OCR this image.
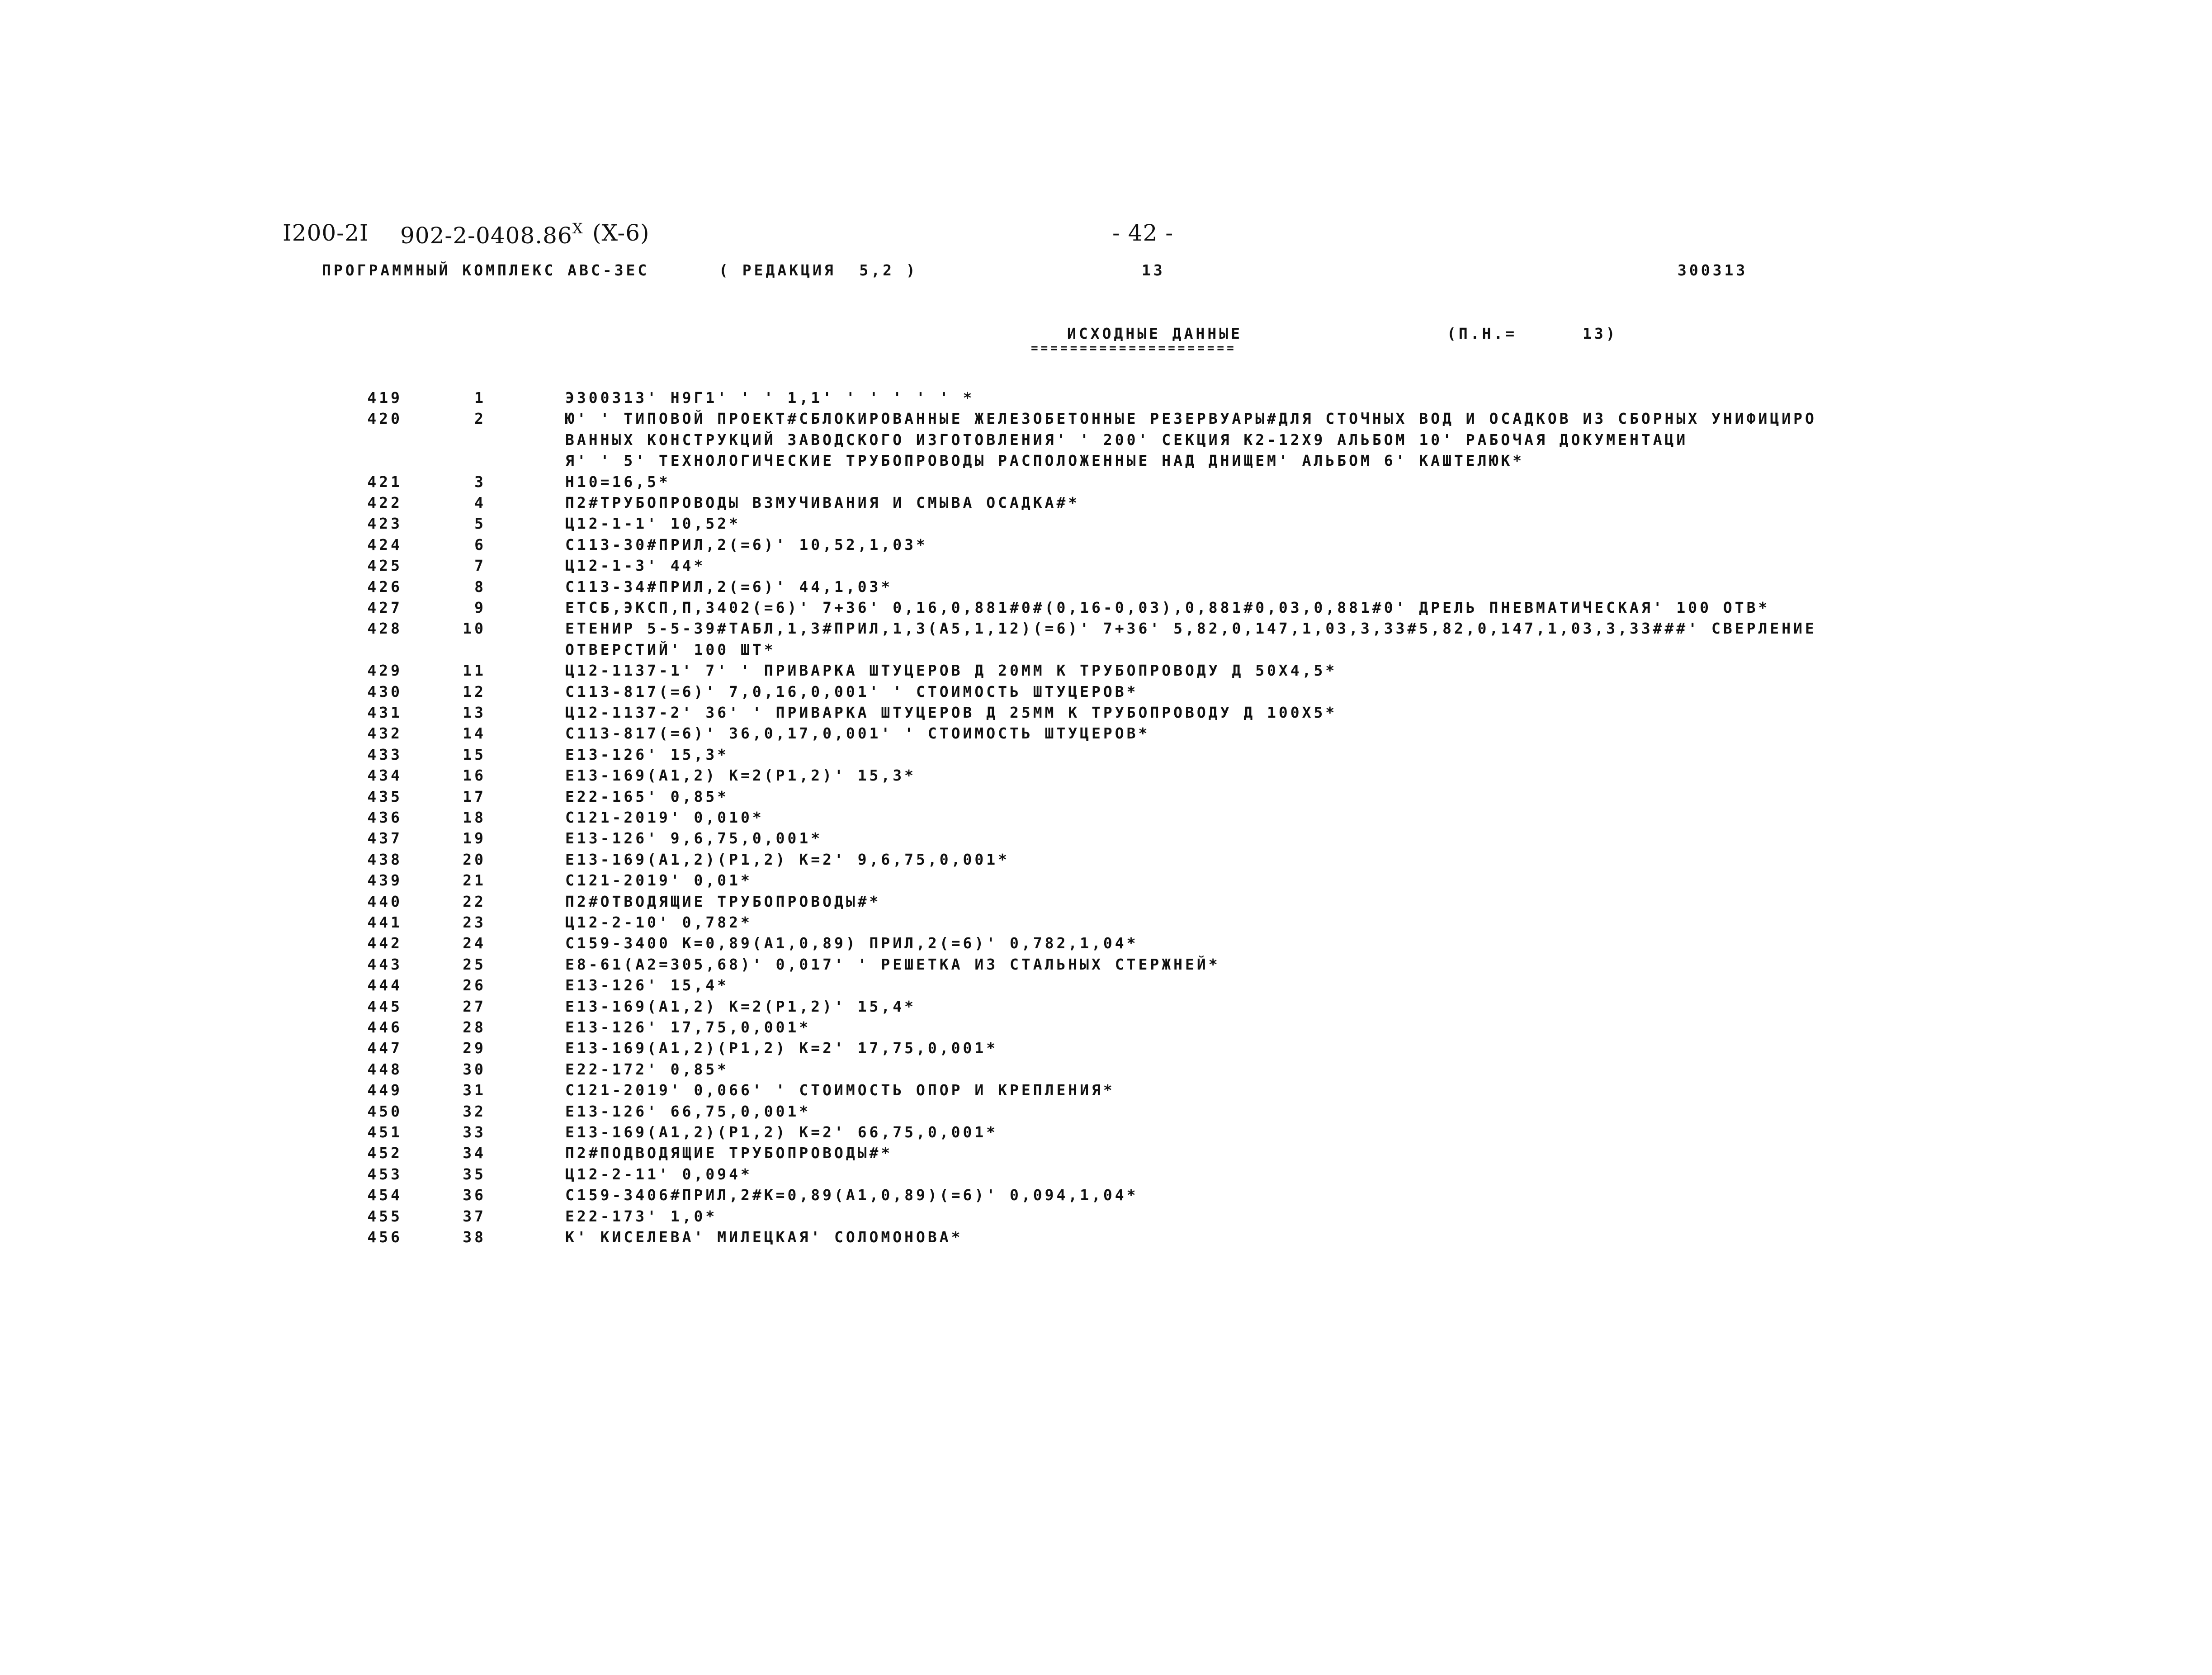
I200-2I $902-2-0408.86^X$ (X-6)	- 42 -
ПРОГРАММНЫЙ КОМПЛЕКС АВС-3ЕС	( РЕДАКЦИЯ  5,2 )	13	300313
ИСХОДНЫЕ ДАННЫЕ
=====================
(П.Н.=	13)
419	1	Э300313' Н9Г1' ' ' 1,1' ' ' ' ' ' *
420	2	Ю' ' ТИПОВОЙ ПРОЕКТ#СБЛОКИРОВАННЫЕ ЖЕЛЕЗОБЕТОННЫЕ РЕЗЕРВУАРЫ#ДЛЯ СТОЧНЫХ ВОД И ОСАДКОВ ИЗ СБОРНЫХ УНИФИЦИРО
ВАННЫХ КОНСТРУКЦИЙ ЗАВОДСКОГО ИЗГОТОВЛЕНИЯ' ' 200' СЕКЦИЯ К2-12Х9 АЛЬБОМ 10' РАБОЧАЯ ДОКУМЕНТАЦИ
Я' ' 5' ТЕХНОЛОГИЧЕСКИЕ ТРУБОПРОВОДЫ РАСПОЛОЖЕННЫЕ НАД ДНИЩЕМ' АЛЬБОМ 6' КАШТЕЛЮК*
421	3	Н10=16,5*
422	4	П2#ТРУБОПРОВОДЫ ВЗМУЧИВАНИЯ И СМЫВА ОСАДКА#*
423	5	Ц12-1-1' 10,52*
424	6	С113-30#ПРИЛ,2(=6)' 10,52,1,03*
425	7	Ц12-1-3' 44*
426	8	С113-34#ПРИЛ,2(=6)' 44,1,03*
427	9	ЕТСБ,ЭКСП,П,3402(=6)' 7+36' 0,16,0,881#0#(0,16-0,03),0,881#0,03,0,881#0' ДРЕЛЬ ПНЕВМАТИЧЕСКАЯ' 100 ОТВ*
428	10	ЕТЕНИР 5-5-39#ТАБЛ,1,3#ПРИЛ,1,3(А5,1,12)(=6)' 7+36' 5,82,0,147,1,03,3,33#5,82,0,147,1,03,3,33###' СВЕРЛЕНИЕ
ОТВЕРСТИЙ' 100 ШТ*
429	11	Ц12-1137-1' 7' ' ПРИВАРКА ШТУЦЕРОВ Д 20ММ К ТРУБОПРОВОДУ Д 50Х4,5*
430	12	С113-817(=6)' 7,0,16,0,001' ' СТОИМОСТЬ ШТУЦЕРОВ*
431	13	Ц12-1137-2' 36' ' ПРИВАРКА ШТУЦЕРОВ Д 25ММ К ТРУБОПРОВОДУ Д 100Х5*
432	14	С113-817(=6)' 36,0,17,0,001' ' СТОИМОСТЬ ШТУЦЕРОВ*
433	15	Е13-126' 15,3*
434	16	Е13-169(А1,2) К=2(Р1,2)' 15,3*
435	17	Е22-165' 0,85*
436	18	С121-2019' 0,010*
437	19	Е13-126' 9,6,75,0,001*
438	20	Е13-169(А1,2)(Р1,2) К=2' 9,6,75,0,001*
439	21	С121-2019' 0,01*
440	22	П2#ОТВОДЯЩИЕ ТРУБОПРОВОДЫ#*
441	23	Ц12-2-10' 0,782*
442	24	С159-3400 К=0,89(А1,0,89) ПРИЛ,2(=6)' 0,782,1,04*
443	25	Е8-61(А2=305,68)' 0,017' ' РЕШЕТКА ИЗ СТАЛЬНЫХ СТЕРЖНЕЙ*
444	26	Е13-126' 15,4*
445	27	Е13-169(А1,2) К=2(Р1,2)' 15,4*
446	28	Е13-126' 17,75,0,001*
447	29	Е13-169(А1,2)(Р1,2) К=2' 17,75,0,001*
448	30	Е22-172' 0,85*
449	31	С121-2019' 0,066' ' СТОИМОСТЬ ОПОР И КРЕПЛЕНИЯ*
450	32	Е13-126' 66,75,0,001*
451	33	Е13-169(А1,2)(Р1,2) К=2' 66,75,0,001*
452	34	П2#ПОДВОДЯЩИЕ ТРУБОПРОВОДЫ#*
453	35	Ц12-2-11' 0,094*
454	36	С159-3406#ПРИЛ,2#К=0,89(А1,0,89)(=6)' 0,094,1,04*
455	37	Е22-173' 1,0*
456	38	К' КИСЕЛЕВА' МИЛЕЦКАЯ' СОЛОМОНОВА*
